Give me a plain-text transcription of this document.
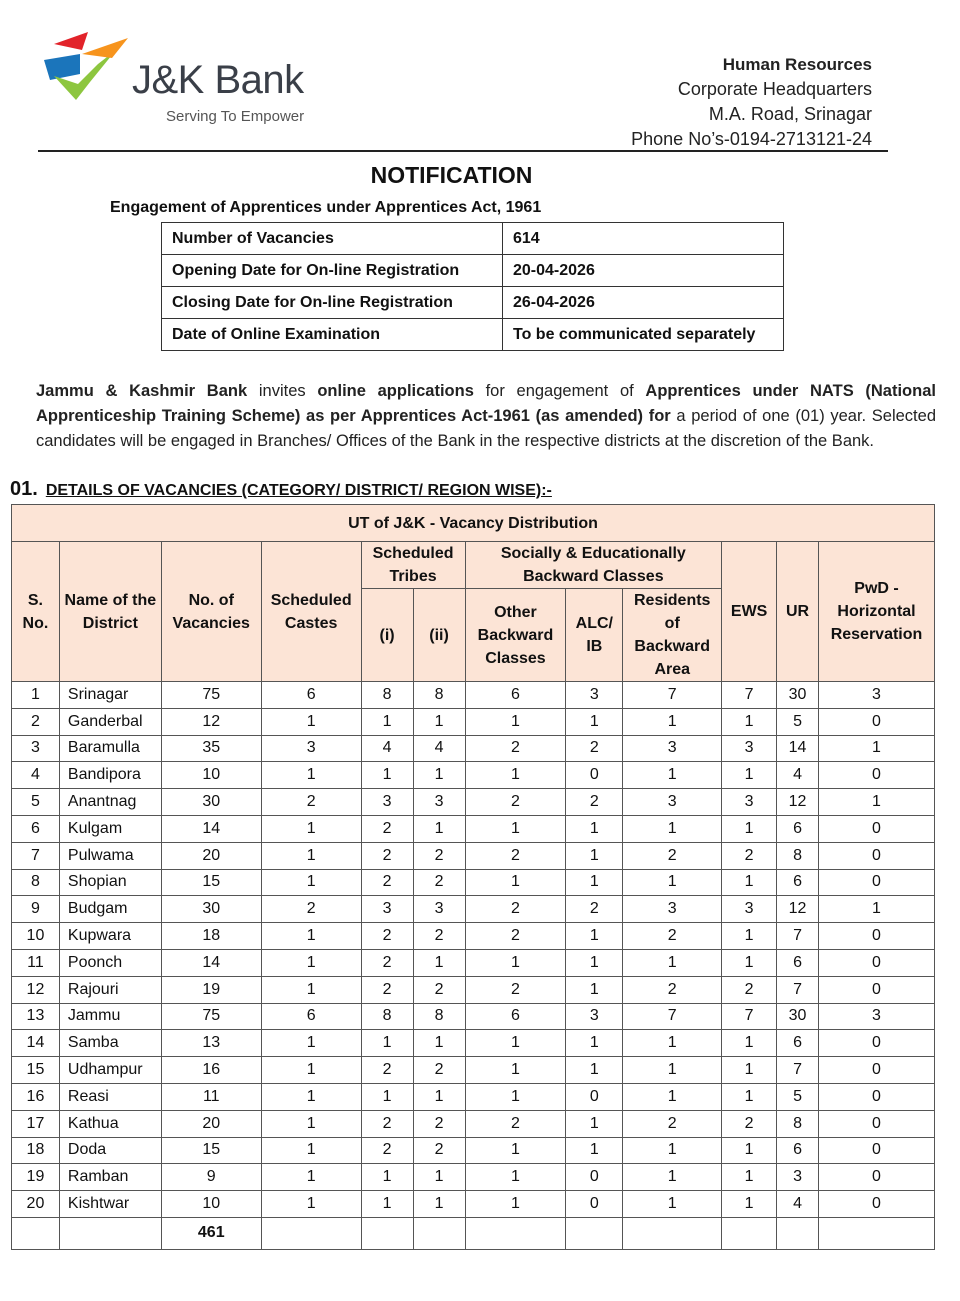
J&K Bank
Serving To Empower
Human Resources
Corporate Headquarters
M.A. Road, Srinagar
Phone No’s-0194-2713121-24
NOTIFICATION
Engagement of Apprentices under Apprentices Act, 1961
Number of Vacancies	614
Opening Date for On-line Registration	20-04-2026
Closing Date for On-line Registration	26-04-2026
Date of Online Examination	To be communicated separately
Jammu & Kashmir Bank invites online applications for engagement of Apprentices under NATS (National Apprenticeship Training Scheme) as per Apprentices Act-1961 (as amended) for a period of one (01) year. Selected candidates will be engaged in Branches/ Offices of the Bank in the respective districts at the discretion of the Bank.
01. DETAILS OF VACANCIES (CATEGORY/ DISTRICT/ REGION WISE):-
UT of J&K - Vacancy Distribution											
S. No.	Name of the District	No. of Vacancies	Scheduled Castes	Scheduled Tribes		Socially & Educationally Backward Classes			EWS	UR	PwD - Horizontal Reservation
				(i)	(ii)	Other Backward Classes	ALC/ IB	Residents of Backward Area			
1	Srinagar	75	6	8	8	6	3	7	7	30	3
2	Ganderbal	12	1	1	1	1	1	1	1	5	0
3	Baramulla	35	3	4	4	2	2	3	3	14	1
4	Bandipora	10	1	1	1	1	0	1	1	4	0
5	Anantnag	30	2	3	3	2	2	3	3	12	1
6	Kulgam	14	1	2	1	1	1	1	1	6	0
7	Pulwama	20	1	2	2	2	1	2	2	8	0
8	Shopian	15	1	2	2	1	1	1	1	6	0
9	Budgam	30	2	3	3	2	2	3	3	12	1
10	Kupwara	18	1	2	2	2	1	2	1	7	0
11	Poonch	14	1	2	1	1	1	1	1	6	0
12	Rajouri	19	1	2	2	2	1	2	2	7	0
13	Jammu	75	6	8	8	6	3	7	7	30	3
14	Samba	13	1	1	1	1	1	1	1	6	0
15	Udhampur	16	1	2	2	1	1	1	1	7	0
16	Reasi	11	1	1	1	1	0	1	1	5	0
17	Kathua	20	1	2	2	2	1	2	2	8	0
18	Doda	15	1	2	2	1	1	1	1	6	0
19	Ramban	9	1	1	1	1	0	1	1	3	0
20	Kishtwar	10	1	1	1	1	0	1	1	4	0
		461									
